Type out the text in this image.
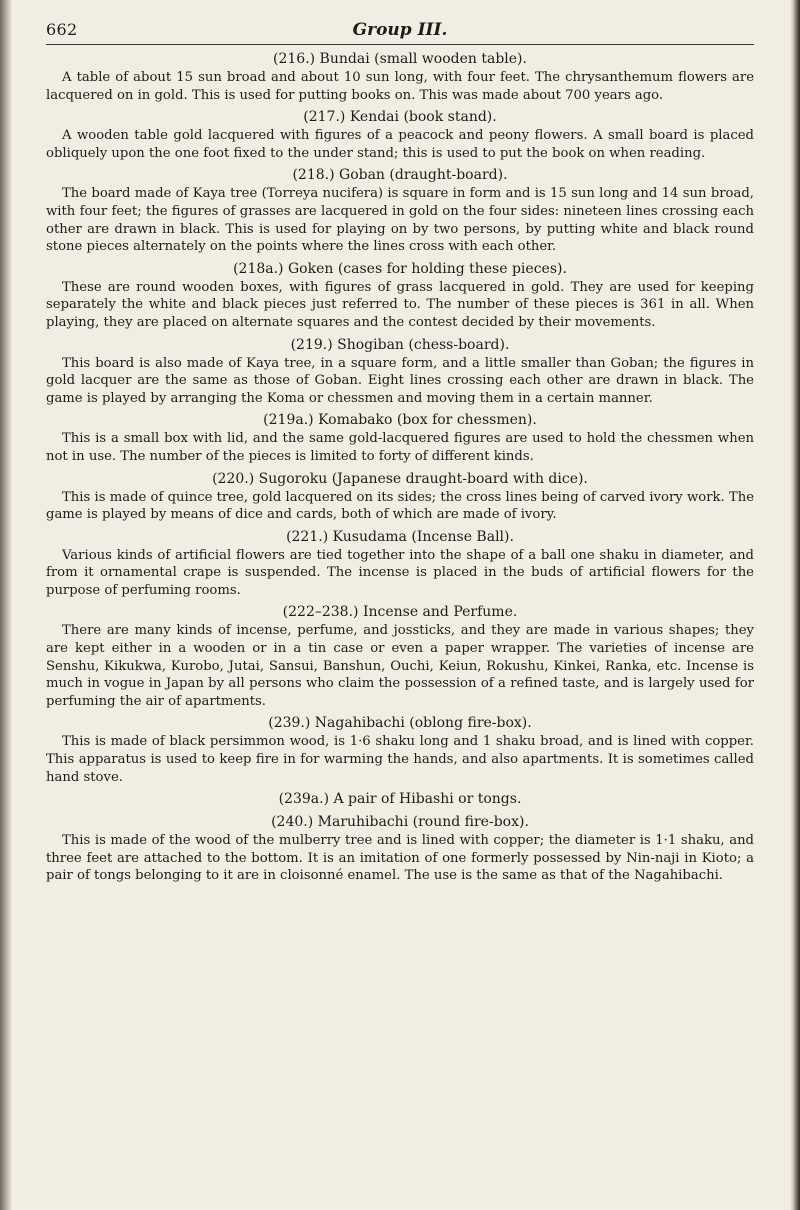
662	Group III.

(216.) Bundai (small wooden table).

A table of about 15 sun broad and about 10 sun long, with four feet. The chrysanthemum flowers are lacquered on in gold. This is used for putting books on. This was made about 700 years ago.

(217.) Kendai (book stand).

A wooden table gold lacquered with figures of a peacock and peony flowers. A small board is placed obliquely upon the one foot fixed to the under stand; this is used to put the book on when reading.

(218.) Goban (draught-board).

The board made of Kaya tree (Torreya nucifera) is square in form and is 15 sun long and 14 sun broad, with four feet; the figures of grasses are lacquered in gold on the four sides: nineteen lines crossing each other are drawn in black. This is used for playing on by two persons, by putting white and black round stone pieces alternately on the points where the lines cross with each other.

(218a.) Goken (cases for holding these pieces).

These are round wooden boxes, with figures of grass lacquered in gold. They are used for keeping separately the white and black pieces just referred to. The number of these pieces is 361 in all. When playing, they are placed on alternate squares and the contest decided by their movements.

(219.) Shogiban (chess-board).

This board is also made of Kaya tree, in a square form, and a little smaller than Goban; the figures in gold lacquer are the same as those of Goban. Eight lines crossing each other are drawn in black. The game is played by arranging the Koma or chessmen and moving them in a certain manner.

(219a.) Komabako (box for chessmen).

This is a small box with lid, and the same gold-lacquered figures are used to hold the chessmen when not in use. The number of the pieces is limited to forty of different kinds.

(220.) Sugoroku (Japanese draught-board with dice).

This is made of quince tree, gold lacquered on its sides; the cross lines being of carved ivory work. The game is played by means of dice and cards, both of which are made of ivory.

(221.) Kusudama (Incense Ball).

Various kinds of artificial flowers are tied together into the shape of a ball one shaku in diameter, and from it ornamental crape is suspended. The incense is placed in the buds of artificial flowers for the purpose of perfuming rooms.

(222–238.) Incense and Perfume.

There are many kinds of incense, perfume, and jossticks, and they are made in various shapes; they are kept either in a wooden or in a tin case or even a paper wrapper. The varieties of incense are Senshu, Kikukwa, Kurobo, Jutai, Sansui, Banshun, Ouchi, Keiun, Rokushu, Kinkei, Ranka, etc. Incense is much in vogue in Japan by all persons who claim the possession of a refined taste, and is largely used for perfuming the air of apartments.

(239.) Nagahibachi (oblong fire-box).

This is made of black persimmon wood, is 1·6 shaku long and 1 shaku broad, and is lined with copper. This apparatus is used to keep fire in for warming the hands, and also apartments. It is sometimes called hand stove.

(239a.) A pair of Hibashi or tongs.

(240.) Maruhibachi (round fire-box).

This is made of the wood of the mulberry tree and is lined with copper; the diameter is 1·1 shaku, and three feet are attached to the bottom. It is an imitation of one formerly possessed by Nin-naji in Kioto; a pair of tongs belonging to it are in cloisonné enamel. The use is the same as that of the Nagahibachi.
